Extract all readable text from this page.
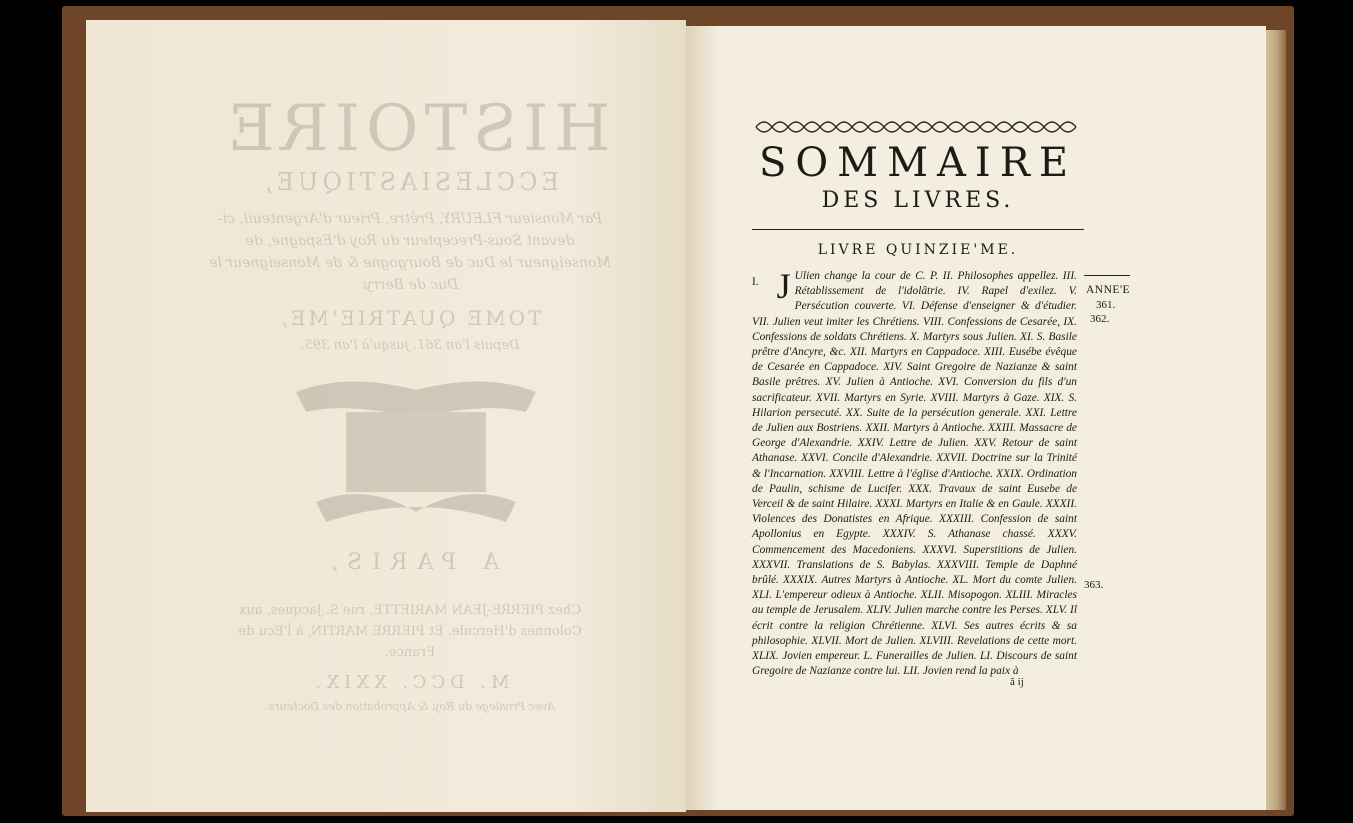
HISTOIRE
ECCLESIASTIQUE,
Par Monsieur FLEURY, Prêtre, Prieur d'Argenteuil, ci-devant Sous-Precepteur du Roy d'Espagne, de Monseigneur le Duc de Bourgogne & de Monseigneur le Duc de Berry.
TOME QUATRIE'ME,
Depuis l'an 361. jusqu'à l'an 395.
A PARIS,
Chez PIERRE-JEAN MARIETTE, rue S. Jacques, aux Colonnes d'Hercule. Et PIERRE MARTIN, à l'Ecu de France.
M. DCC. XXIX.
Avec Privilege du Roy, & Approbation des Docteurs.
SOMMAIRE
DES LIVRES.
LIVRE QUINZIE'ME.
I. J Ulien change la cour de C. P. II. Philosophes appellez. III. Rétablissement de l'idolâtrie. IV. Rapel d'exilez. V. Persécution couverte. VI. Défense d'enseigner & d'étudier. VII. Julien veut imiter les Chrétiens. VIII. Confessions de Cesarée, IX. Confessions de soldats Chrétiens. X. Martyrs sous Julien. XI. S. Basile prêtre d'Ancyre, &c. XII. Martyrs en Cappadoce. XIII. Eusébe évêque de Cesarée en Cappadoce. XIV. Saint Gregoire de Nazianze & saint Basile prêtres. XV. Julien à Antioche. XVI. Conversion du fils d'un sacrificateur. XVII. Martyrs en Syrie. XVIII. Martyrs à Gaze. XIX. S. Hilarion persecuté. XX. Suite de la persécution generale. XXI. Lettre de Julien aux Bostriens. XXII. Martyrs à Antioche. XXIII. Massacre de George d'Alexandrie. XXIV. Lettre de Julien. XXV. Retour de saint Athanase. XXVI. Concile d'Alexandrie. XXVII. Doctrine sur la Trinité & l'Incarnation. XXVIII. Lettre à l'église d'Antioche. XXIX. Ordination de Paulin, schisme de Lucifer. XXX. Travaux de saint Eusebe de Verceil & de saint Hilaire. XXXI. Martyrs en Italie & en Gaule. XXXII. Violences des Donatistes en Afrique. XXXIII. Confession de saint Apollonius en Egypte. XXXIV. S. Athanase chassé. XXXV. Commencement des Macedoniens. XXXVI. Superstitions de Julien. XXXVII. Translations de S. Babylas. XXXVIII. Temple de Daphné brûlé. XXXIX. Autres Martyrs à Antioche. XL. Mort du comte Julien. XLI. L'empereur odieux à Antioche. XLII. Misopogon. XLIII. Miracles au temple de Jerusalem. XLIV. Julien marche contre les Perses. XLV. Il écrit contre la religion Chrétienne. XLVI. Ses autres écrits & sa philosophie. XLVII. Mort de Julien. XLVIII. Revelations de cette mort. XLIX. Jovien empereur. L. Funerailles de Julien. LI. Discours de saint Gregoire de Nazianze contre lui. LII. Jovien rend la paix à
ã ij
ANNE'E
361.
362.
363.
